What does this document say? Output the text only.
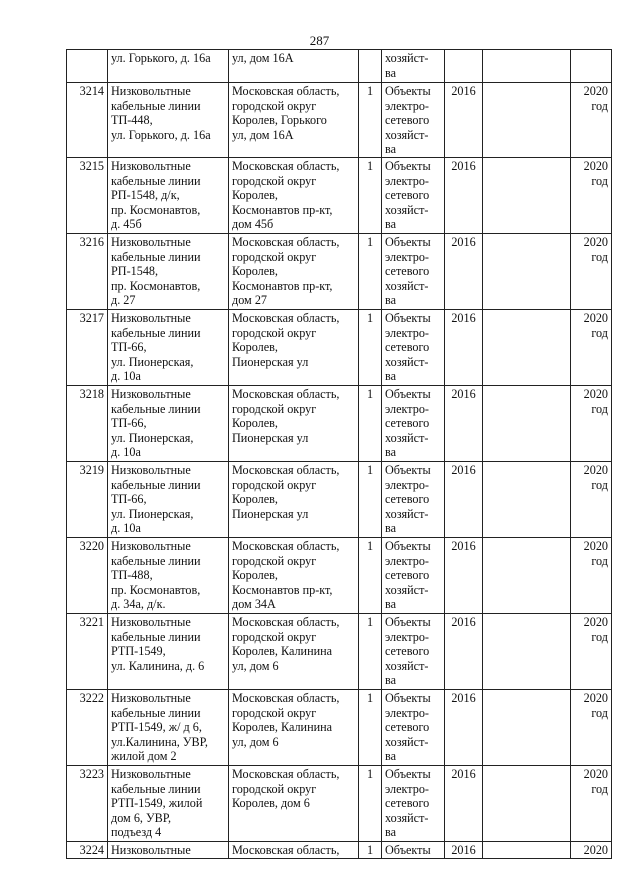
287
	ул. Горького, д. 16а	ул, дом 16А		хозяйст-
ва			
3214	Низковольтные
кабельные линии
ТП-448,
ул. Горького, д. 16а	Московская область,
городской округ
Королев, Горького
ул, дом 16А	1	Объекты
электро-
сетевого
хозяйст-
ва	2016		2020
год
3215	Низковольтные
кабельные линии
РП-1548, д/к,
пр. Космонавтов,
д. 45б	Московская область,
городской округ
Королев,
Космонавтов пр-кт,
дом 45б	1	Объекты
электро-
сетевого
хозяйст-
ва	2016		2020
год
3216	Низковольтные
кабельные линии
РП-1548,
пр. Космонавтов,
д. 27	Московская область,
городской округ
Королев,
Космонавтов пр-кт,
дом 27	1	Объекты
электро-
сетевого
хозяйст-
ва	2016		2020
год
3217	Низковольтные
кабельные линии
ТП-66,
ул. Пионерская,
д. 10а	Московская область,
городской округ
Королев,
Пионерская ул	1	Объекты
электро-
сетевого
хозяйст-
ва	2016		2020
год
3218	Низковольтные
кабельные линии
ТП-66,
ул. Пионерская,
д. 10а	Московская область,
городской округ
Королев,
Пионерская ул	1	Объекты
электро-
сетевого
хозяйст-
ва	2016		2020
год
3219	Низковольтные
кабельные линии
ТП-66,
ул. Пионерская,
д. 10а	Московская область,
городской округ
Королев,
Пионерская ул	1	Объекты
электро-
сетевого
хозяйст-
ва	2016		2020
год
3220	Низковольтные
кабельные линии
ТП-488,
пр. Космонавтов,
д. 34а, д/к.	Московская область,
городской округ
Королев,
Космонавтов пр-кт,
дом 34А	1	Объекты
электро-
сетевого
хозяйст-
ва	2016		2020
год
3221	Низковольтные
кабельные линии
РТП-1549,
ул. Калинина, д. 6	Московская область,
городской округ
Королев, Калинина
ул, дом 6	1	Объекты
электро-
сетевого
хозяйст-
ва	2016		2020
год
3222	Низковольтные
кабельные линии
РТП-1549, ж/ д 6,
ул.Калинина, УВР,
жилой дом 2	Московская область,
городской округ
Королев, Калинина
ул, дом 6	1	Объекты
электро-
сетевого
хозяйст-
ва	2016		2020
год
3223	Низковольтные
кабельные линии
РТП-1549, жилой
дом 6, УВР,
подъезд 4	Московская область,
городской округ
Королев, дом 6	1	Объекты
электро-
сетевого
хозяйст-
ва	2016		2020
год
3224	Низковольтные	Московская область,	1	Объекты	2016		2020
